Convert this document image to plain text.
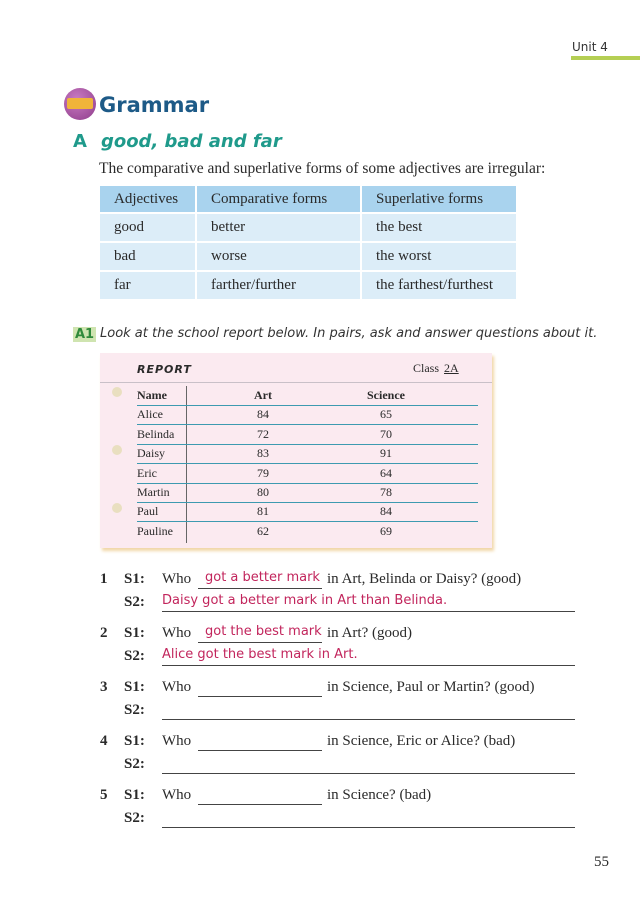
Unit 4
Grammar
A good, bad and far
The comparative and superlative forms of some adjectives are irregular:
Adjectives	Comparative forms	Superlative forms
good	better	the best
bad	worse	the worst
far	farther/further	the farthest/furthest
A1 Look at the school report below. In pairs, ask and answer questions about it.
REPORT	Class 2A
Name	Art	Science
Alice	84	65
Belinda	72	70
Daisy	83	91
Eric	79	64
Martin	80	78
Paul	81	84
Pauline	62	69
1 S1: Who got a better mark in Art, Belinda or Daisy? (good)
S2: Daisy got a better mark in Art than Belinda.
2 S1: Who got the best mark in Art? (good)
S2: Alice got the best mark in Art.
3 S1: Who	in Science, Paul or Martin? (good)
S2:
4 S1: Who	in Science, Eric or Alice? (bad)
S2:
5 S1: Who	in Science? (bad)
S2:
55
